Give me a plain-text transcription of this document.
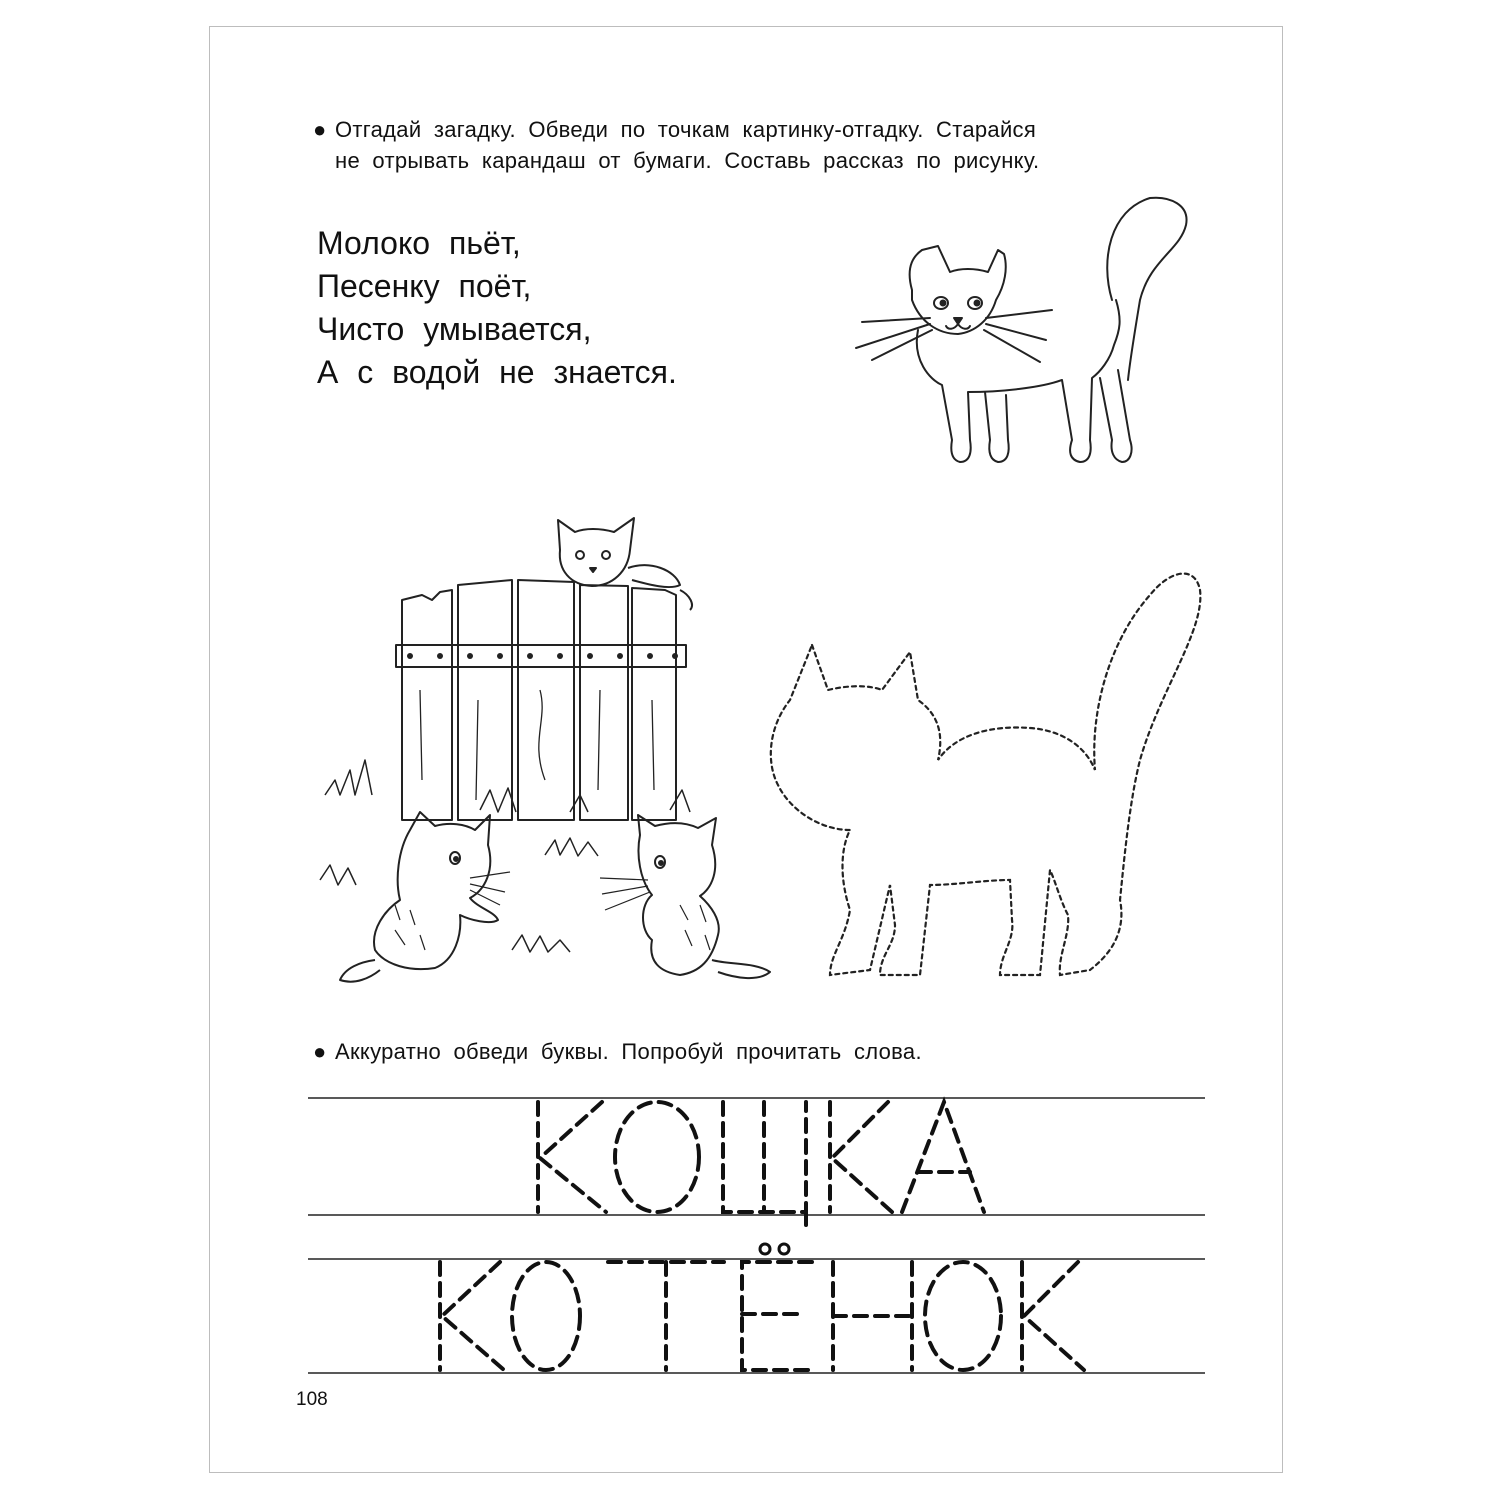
● Отгадай загадку. Обведи по точкам картинку-отгадку. Старайся
не отрывать карандаш от бумаги. Составь рассказ по рисунку.
Молоко пьёт,
Песенку поёт,
Чисто умывается,
А с водой не знается.
● Аккуратно обведи буквы. Попробуй прочитать слова.
108
